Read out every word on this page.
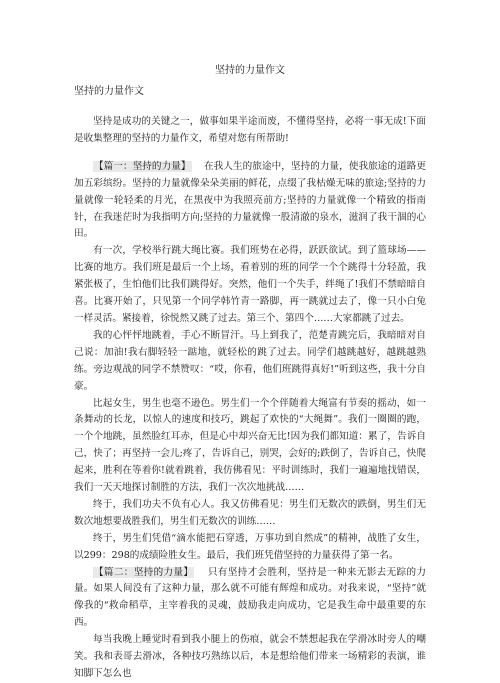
坚持的力量作文
坚持的力量作文

坚持是成功的关键之一，做事如果半途而废，不懂得坚持，必将一事无成!下面是收集整理的坚持的力量作文，希望对您有所帮助!

【篇一：坚持的力量】 在我人生的旅途中，坚持的力量，使我旅途的道路更加五彩缤纷。坚持的力量就像朵朵美丽的鲜花，点缀了我枯燥无味的旅途;坚持的力量就像一轮轻柔的月光，在黑夜中为我照亮前方;坚持的力量就像一个精致的指南针，在我迷茫时为我指明方向;坚持的力量就像一股清澈的泉水，滋润了我干涸的心田。

有一次，学校举行跳大绳比赛。我们班势在必得，跃跃欲试。到了篮球场——比赛的地方。我们班是最后一个上场，看着别的班的同学一个个跳得十分轻盈，我紧张极了，生怕他们比我们跳得好。突然，他们一个失手，绊绳了!我们不禁暗暗自喜。比赛开始了，只见第一个同学韩竹青一路脚，再一跳就过去了，像一只小白兔一样灵活。紧接着，徐悦然又跳了过去。第三个、第四个……大家都跳了过去。

我的心怦怦地跳着，手心不断冒汗。马上到我了，范楚青跳完后，我暗暗对自己说：加油!我右脚轻轻一踮地，就轻松的跳了过去。同学们越跳越好，越跳越熟练。旁边观战的同学不禁赞叹：“哎，你看，他们班跳得真好!”听到这些，我十分自豪。

比起女生，男生也毫不逊色。男生们一个个伴随着大绳富有节奏的摇动，如一条舞动的长龙，以惊人的速度和技巧，跳起了欢快的“大绳舞”。我们一圈圈的跑，一个个地跳，虽然脸红耳赤，但是心中却兴奋无比!因为我们都知道：累了，告诉自己，快了；再坚持一会儿;疼了，告诉自己，别哭，会好的;跌倒了，告诉自己，快爬起来，胜利在等着你!就着跳着，我仿佛看见：平时训练时，我们一遍遍地找错误，我们一天天地探讨制胜的方法，我们一次次地挑战……

终于，我们功夫不负有心人。我又仿佛看见：男生们无数次的跌倒，男生们无数次地想要战胜我们，男生们无数次的训练……

终于，男生们凭借“滴水能把石穿透，万事功到自然成”的精神，战胜了女生，以299：298的成绩险胜女生。最后，我们班凭借坚持的力量获得了第一名。

【篇二：坚持的力量】 只有坚持才会胜利，坚持是一种来无影去无踪的力量。如果人间没有了这种力量，那么就不可能有辉煌和成功。对我来说，“坚持”就像我的“救命稻草，主宰着我的灵魂，鼓励我走向成功，它是我生命中最重要的东西。

每当我晚上睡觉时看到我小腿上的伤痕，就会不禁想起我在学滑冰时旁人的嘲笑。我和表哥去滑冰，各种技巧熟练以后，本是想给他们带来一场精彩的表演，谁知脚下怎么也
